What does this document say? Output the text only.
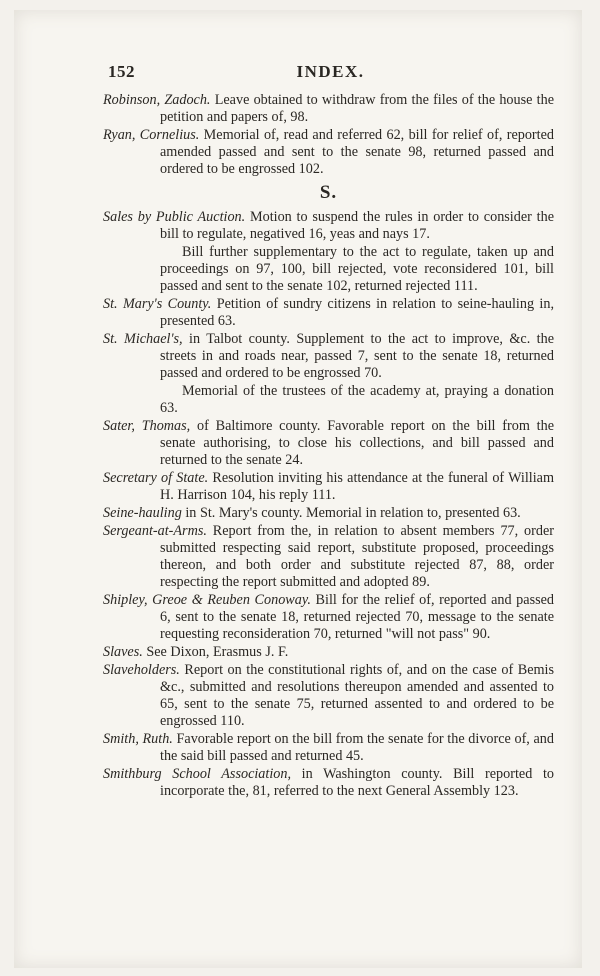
152	INDEX.
Robinson, Zadoch. Leave obtained to withdraw from the files of the house the petition and papers of, 98.
Ryan, Cornelius. Memorial of, read and referred 62, bill for relief of, reported amended passed and sent to the senate 98, returned passed and ordered to be engrossed 102.
S.
Sales by Public Auction. Motion to suspend the rules in order to consider the bill to regulate, negatived 16, yeas and nays 17.
Bill further supplementary to the act to regulate, taken up and proceedings on 97, 100, bill rejected, vote reconsidered 101, bill passed and sent to the senate 102, returned rejected 111.
St. Mary's County. Petition of sundry citizens in relation to seine-hauling in, presented 63.
St. Michael's, in Talbot county. Supplement to the act to improve, &c. the streets in and roads near, passed 7, sent to the senate 18, returned passed and ordered to be engrossed 70.
Memorial of the trustees of the academy at, praying a donation 63.
Sater, Thomas, of Baltimore county. Favorable report on the bill from the senate authorising, to close his collections, and bill passed and returned to the senate 24.
Secretary of State. Resolution inviting his attendance at the funeral of William H. Harrison 104, his reply 111.
Seine-hauling in St. Mary's county. Memorial in relation to, presented 63.
Sergeant-at-Arms. Report from the, in relation to absent members 77, order submitted respecting said report, substitute proposed, proceedings thereon, and both order and substitute rejected 87, 88, order respecting the report submitted and adopted 89.
Shipley, Greoe & Reuben Conoway. Bill for the relief of, reported and passed 6, sent to the senate 18, returned rejected 70, message to the senate requesting reconsideration 70, returned "will not pass" 90.
Slaves. See Dixon, Erasmus J. F.
Slaveholders. Report on the constitutional rights of, and on the case of Bemis &c., submitted and resolutions thereupon amended and assented to 65, sent to the senate 75, returned assented to and ordered to be engrossed 110.
Smith, Ruth. Favorable report on the bill from the senate for the divorce of, and the said bill passed and returned 45.
Smithburg School Association, in Washington county. Bill reported to incorporate the, 81, referred to the next General Assembly 123.
